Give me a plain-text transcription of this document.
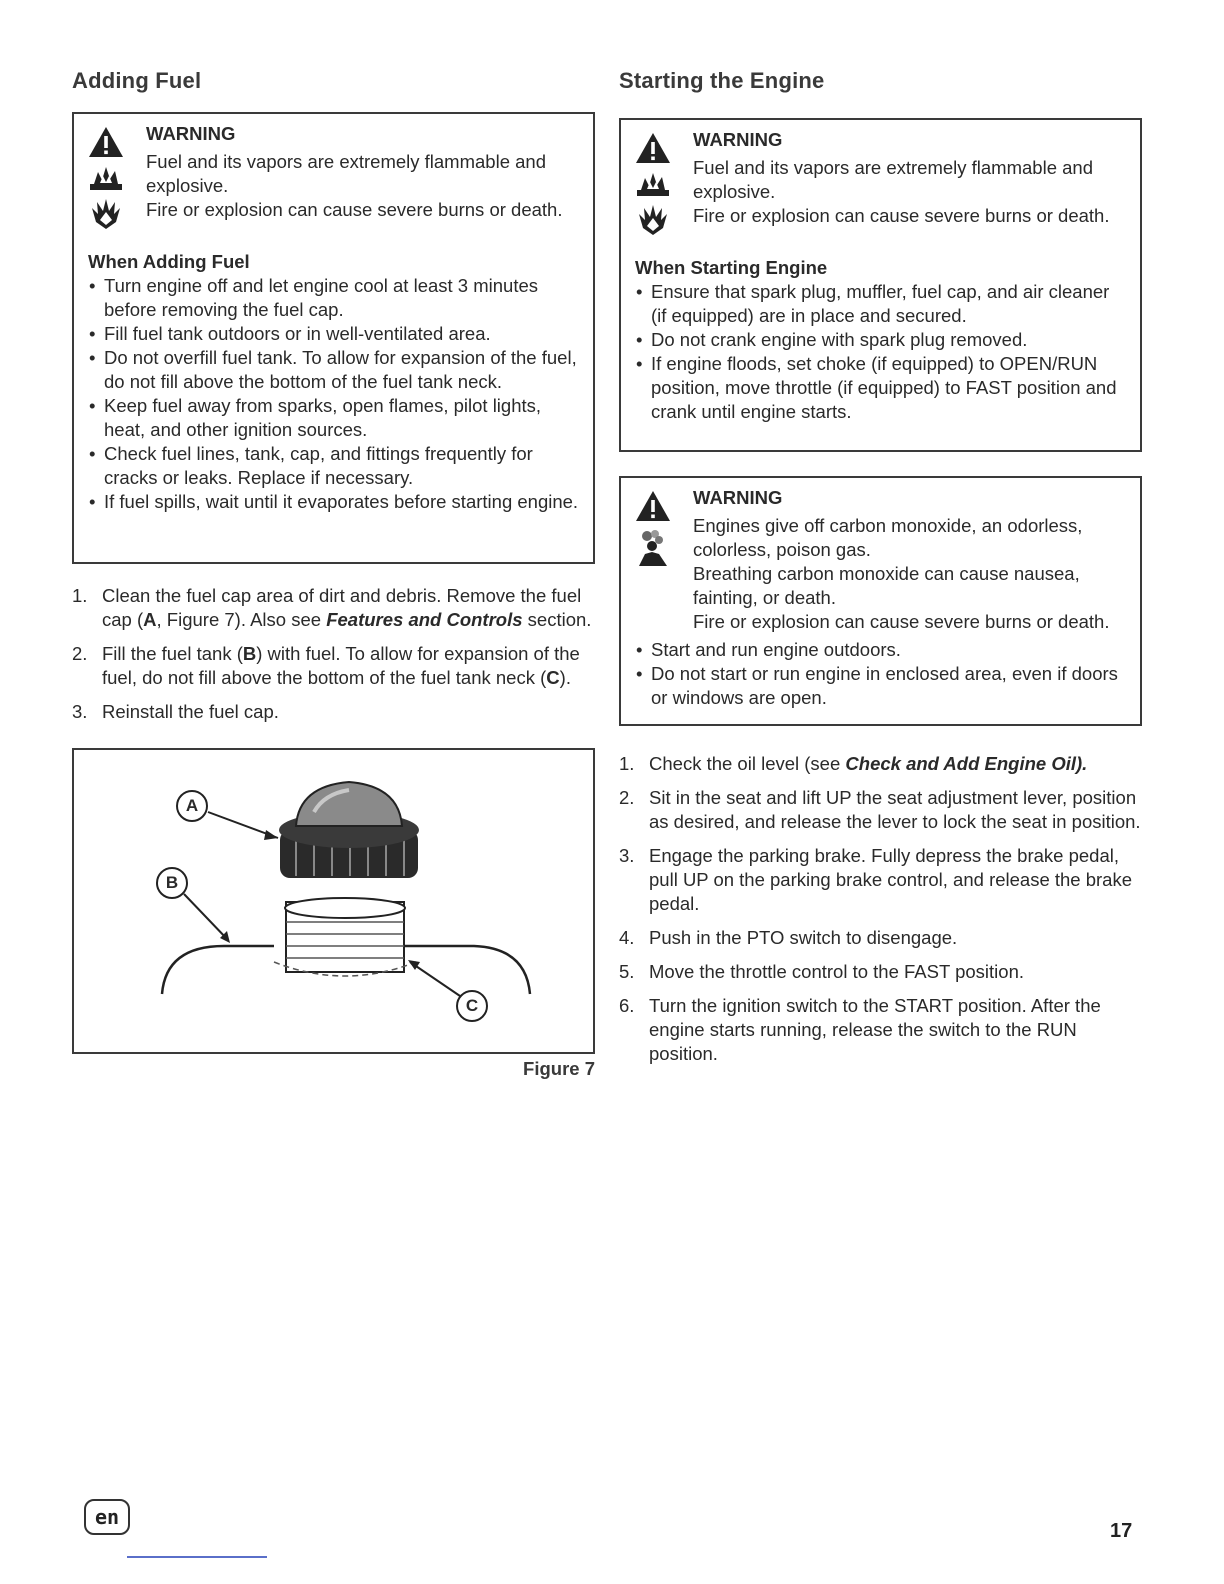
Adding Fuel
WARNING

Fuel and its vapors are extremely flammable and explosive.

Fire or explosion can cause severe burns or death.

When Adding Fuel
• Turn engine off and let engine cool at least 3 minutes before removing the fuel cap.
• Fill fuel tank outdoors or in well-ventilated area.
• Do not overfill fuel tank. To allow for expansion of the fuel, do not fill above the bottom of the fuel tank neck.
• Keep fuel away from sparks, open flames, pilot lights, heat, and other ignition sources.
• Check fuel lines, tank, cap, and fittings frequently for cracks or leaks. Replace if necessary.
• If fuel spills, wait until it evaporates before starting engine.
1. Clean the fuel cap area of dirt and debris. Remove the fuel cap (A, Figure 7). Also see Features and Controls section.
2. Fill the fuel tank (B) with fuel. To allow for expansion of the fuel, do not fill above the bottom of the fuel tank neck (C).
3. Reinstall the fuel cap.
A
B
C
Figure 7
Starting the Engine
WARNING

Fuel and its vapors are extremely flammable and explosive.

Fire or explosion can cause severe burns or death.

When Starting Engine
• Ensure that spark plug, muffler, fuel cap, and air cleaner (if equipped) are in place and secured.
• Do not crank engine with spark plug removed.
• If engine floods, set choke (if equipped) to OPEN/RUN position, move throttle (if equipped) to FAST position and crank until engine starts.
WARNING

Engines give off carbon monoxide, an odorless, colorless, poison gas.

Breathing carbon monoxide can cause nausea, fainting, or death.

Fire or explosion can cause severe burns or death.

• Start and run engine outdoors.
• Do not start or run engine in enclosed area, even if doors or windows are open.
1. Check the oil level (see Check and Add Engine Oil).
2. Sit in the seat and lift UP the seat adjustment lever, position as desired, and release the lever to lock the seat in position.
3. Engage the parking brake. Fully depress the brake pedal, pull UP on the parking brake control, and release the brake pedal.
4. Push in the PTO switch to disengage.
5. Move the throttle control to the FAST position.
6. Turn the ignition switch to the START position. After the engine starts running, release the switch to the RUN position.
en
17
